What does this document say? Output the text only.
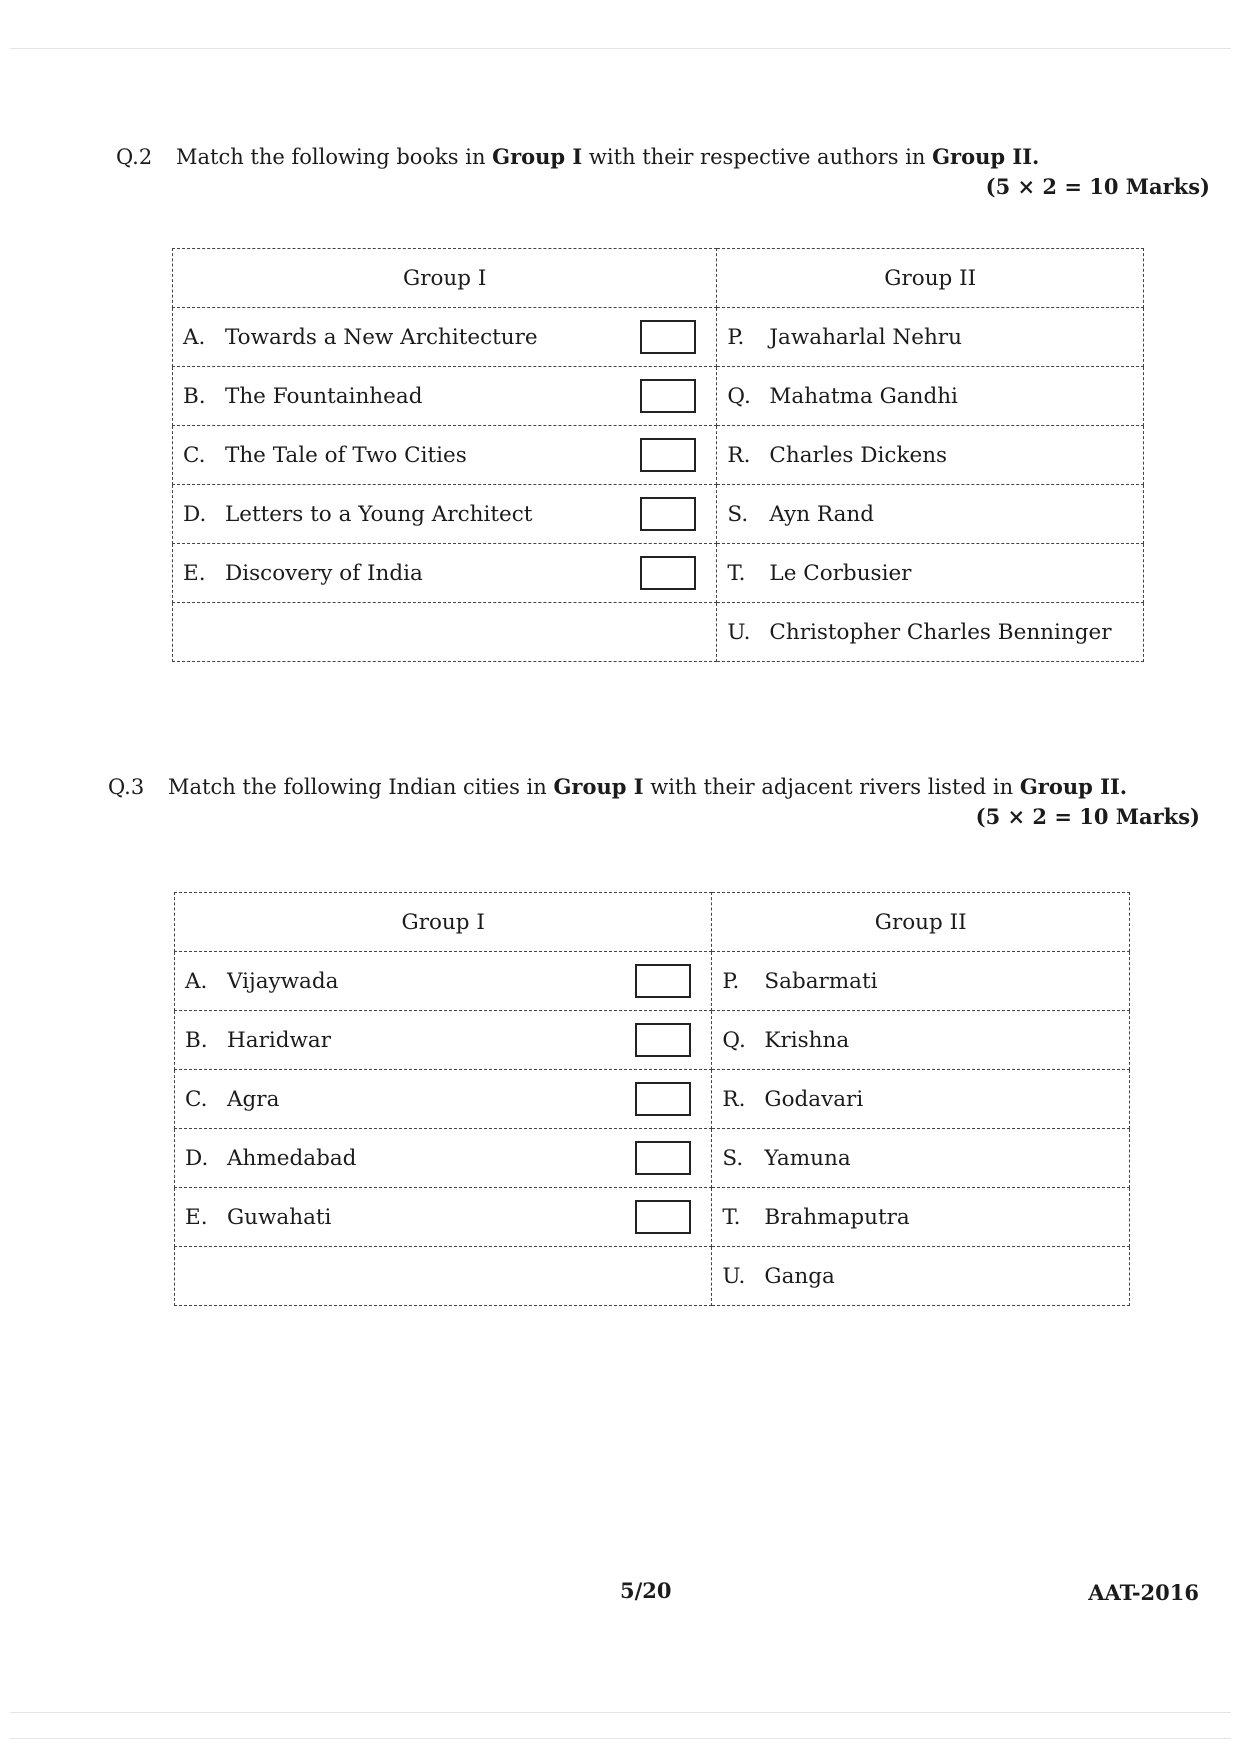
Q.2 Match the following books in Group I with their respective authors in Group II.
(5 × 2 = 10 Marks)
Group I	Group II
A. Towards a New Architecture	P. Jawaharlal Nehru
B. The Fountainhead	Q. Mahatma Gandhi
C. The Tale of Two Cities	R. Charles Dickens
D. Letters to a Young Architect	S. Ayn Rand
E. Discovery of India	T. Le Corbusier
	U. Christopher Charles Benninger
Q.3 Match the following Indian cities in Group I with their adjacent rivers listed in Group II.
(5 × 2 = 10 Marks)
Group I	Group II
A. Vijaywada	P. Sabarmati
B. Haridwar	Q. Krishna
C. Agra	R. Godavari
D. Ahmedabad	S. Yamuna
E. Guwahati	T. Brahmaputra
	U. Ganga
5/20	AAT-2016
